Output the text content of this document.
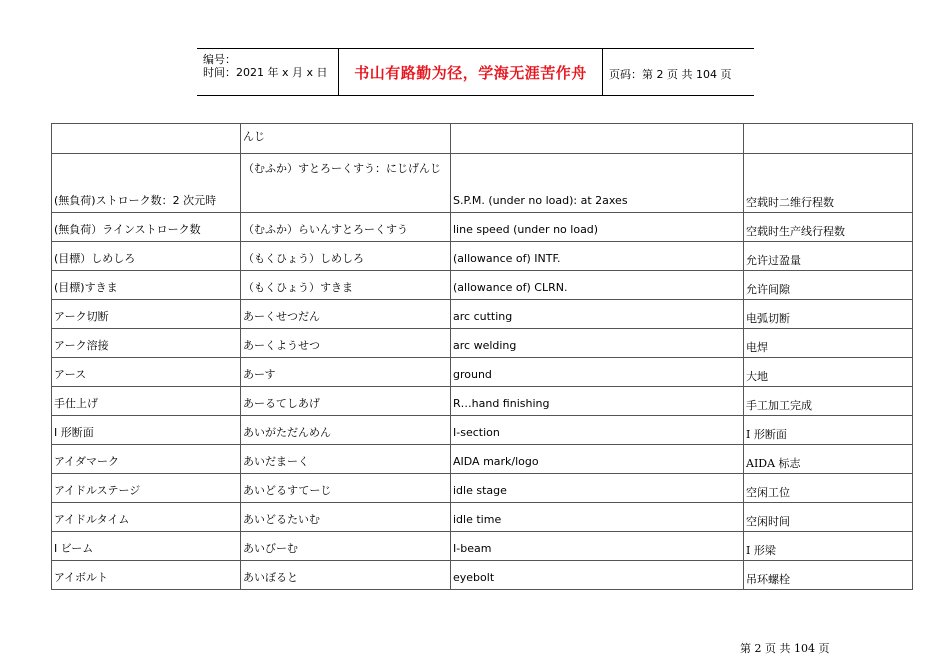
编号：
时间：2021 年 x 月 x 日	书山有路勤为径，学海无涯苦作舟	页码：第 2 页 共 104 页
	んじ		
(無負荷)ストローク数：2 次元時	（むふか）すとろーくすう：にじげんじ	S.P.M. (under no load): at 2axes	空载时二维行程数
(無負荷）ラインストローク数	（むふか）らいんすとろーくすう	line speed (under no load)	空载时生产线行程数
(目標）しめしろ	（もくひょう）しめしろ	(allowance of) INTF.	允许过盈量
(目標)すきま	（もくひょう）すきま	(allowance of) CLRN.	允许间隙
アーク切断	あーくせつだん	arc cutting	电弧切断
アーク溶接	あーくようせつ	arc welding	电焊
アース	あーす	ground	大地
手仕上げ	あーるてしあげ	R…hand finishing	手工加工完成
I 形断面	あいがただんめん	I-section	I 形断面
アイダマーク	あいだまーく	AIDA mark/logo	AIDA 标志
アイドルステージ	あいどるすてーじ	idle stage	空闲工位
アイドルタイム	あいどるたいむ	idle time	空闲时间
I ビーム	あいびーむ	I-beam	I 形梁
アイボルト	あいぼると	eyebolt	吊环螺栓
第 2 页 共 104 页
